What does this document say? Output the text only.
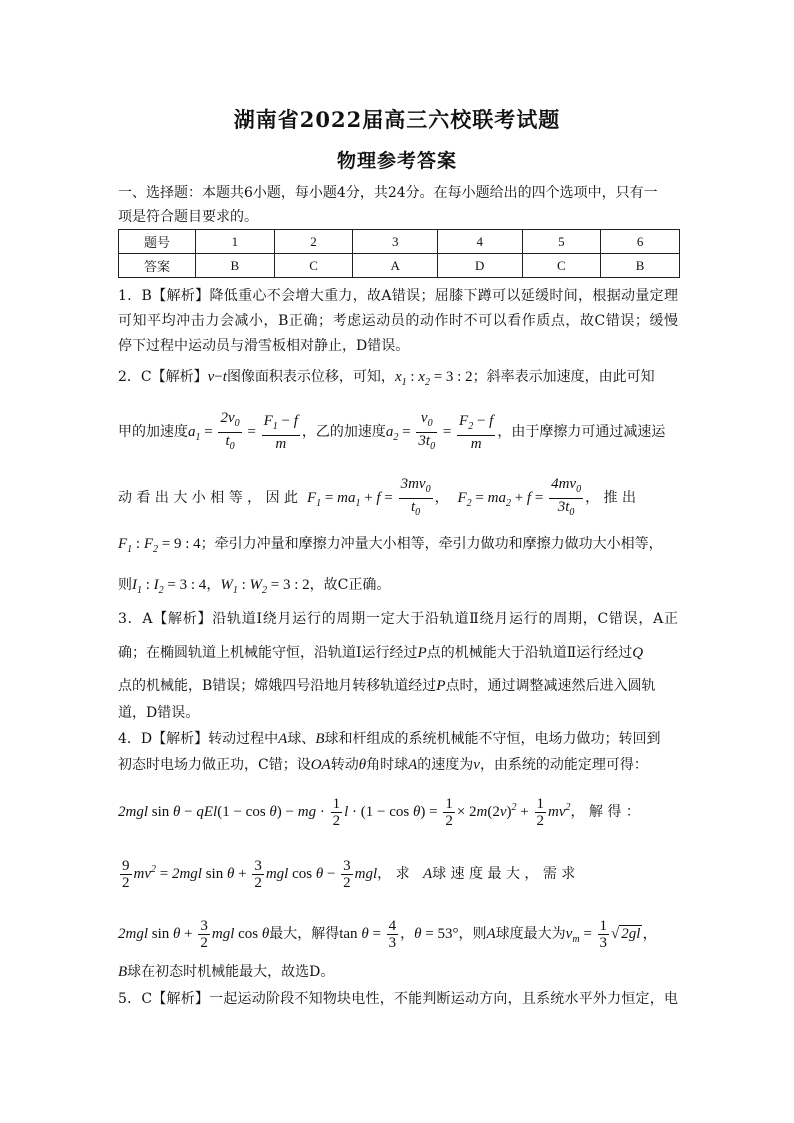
湖南省2022届高三六校联考试题
物理参考答案
一、选择题：本题共6小题，每小题4分，共24分。在每小题给出的四个选项中，只有一
项是符合题目要求的。
题号	1	2	3	4	5	6
答案	B	C	A	D	C	B
1．B【解析】降低重心不会增大重力，故A错误；屈膝下蹲可以延缓时间，根据动量定理
可知平均冲击力会减小，B正确；考虑运动员的动作时不可以看作质点，故C错误；缓慢
停下过程中运动员与滑雪板相对静止，D错误。
2．C【解析】v−t图像面积表示位移，可知，$x_1$ : $x_2 = 3$ : 2；斜率表示加速度，由此可知
甲的加速度$a_1 = \frac{2v_0}{t_0} = \frac{F_1 - f}{m}$ ，乙的加速度$a_2 = \frac{v_0}{3t_0} = \frac{F_2 - f}{m}$ ，由于摩擦力可通过减速运
动 看 出 大 小 相 等 ， 因 此 $F_1 = ma_1 + f = \frac{3mv_0}{t_0}$ ， $F_2 = ma_2 + f = \frac{4mv_0}{3t_0}$ ， 推 出
$F_1$ : $F_2 = 9$ : 4；牵引力冲量和摩擦力冲量大小相等，牵引力做功和摩擦力做功大小相等，
则$I_1$ : $I_2 = 3$ : 4，$W_1$ : $W_2 = 3$ : 2，故C正确。
3．A【解析】沿轨道Ⅰ绕月运行的周期一定大于沿轨道Ⅱ绕月运行的周期，C错误，A正
确；在椭圆轨道上机械能守恒，沿轨道Ⅰ运行经过P点的机械能大于沿轨道Ⅱ运行经过Q
点的机械能，B错误；嫦娥四号沿地月转移轨道经过P点时，通过调整减速然后进入圆轨
道，D错误。
4．D【解析】转动过程中A球、B球和杆组成的系统机械能不守恒，电场力做功；转回到
初态时电场力做正功，C错；设OA转动θ角时球A的速度为v，由系统的动能定理可得：
2mgl sin θ − qEl(1 − cos θ) − mg · $\frac{1}{2}$ $l \cdot (1 - \cos \theta) = \frac{1}{2} \times 2m(2v)^2 + \frac{1}{2} mv^2$， 解 得 ：
$\frac{9}{2} mv^2 = 2mgl$ $\sin \theta + \frac{3}{2}$ mgl $\cos \theta - \frac{3}{2}$ mgl， 求 A球 速 度 最 大 ， 需 求
2mgl $\sin \theta + \frac{3}{2}$ mgl cos θ最大，解得$\tan \theta = \frac{4}{3}$ ，θ = 53°，则A球度最大为$v_m = \frac{1}{3}$ √ 2gl ，
B球在初态时机械能最大，故选D。
5．C【解析】一起运动阶段不知物块电性，不能判断运动方向，且系统水平外力恒定，电
